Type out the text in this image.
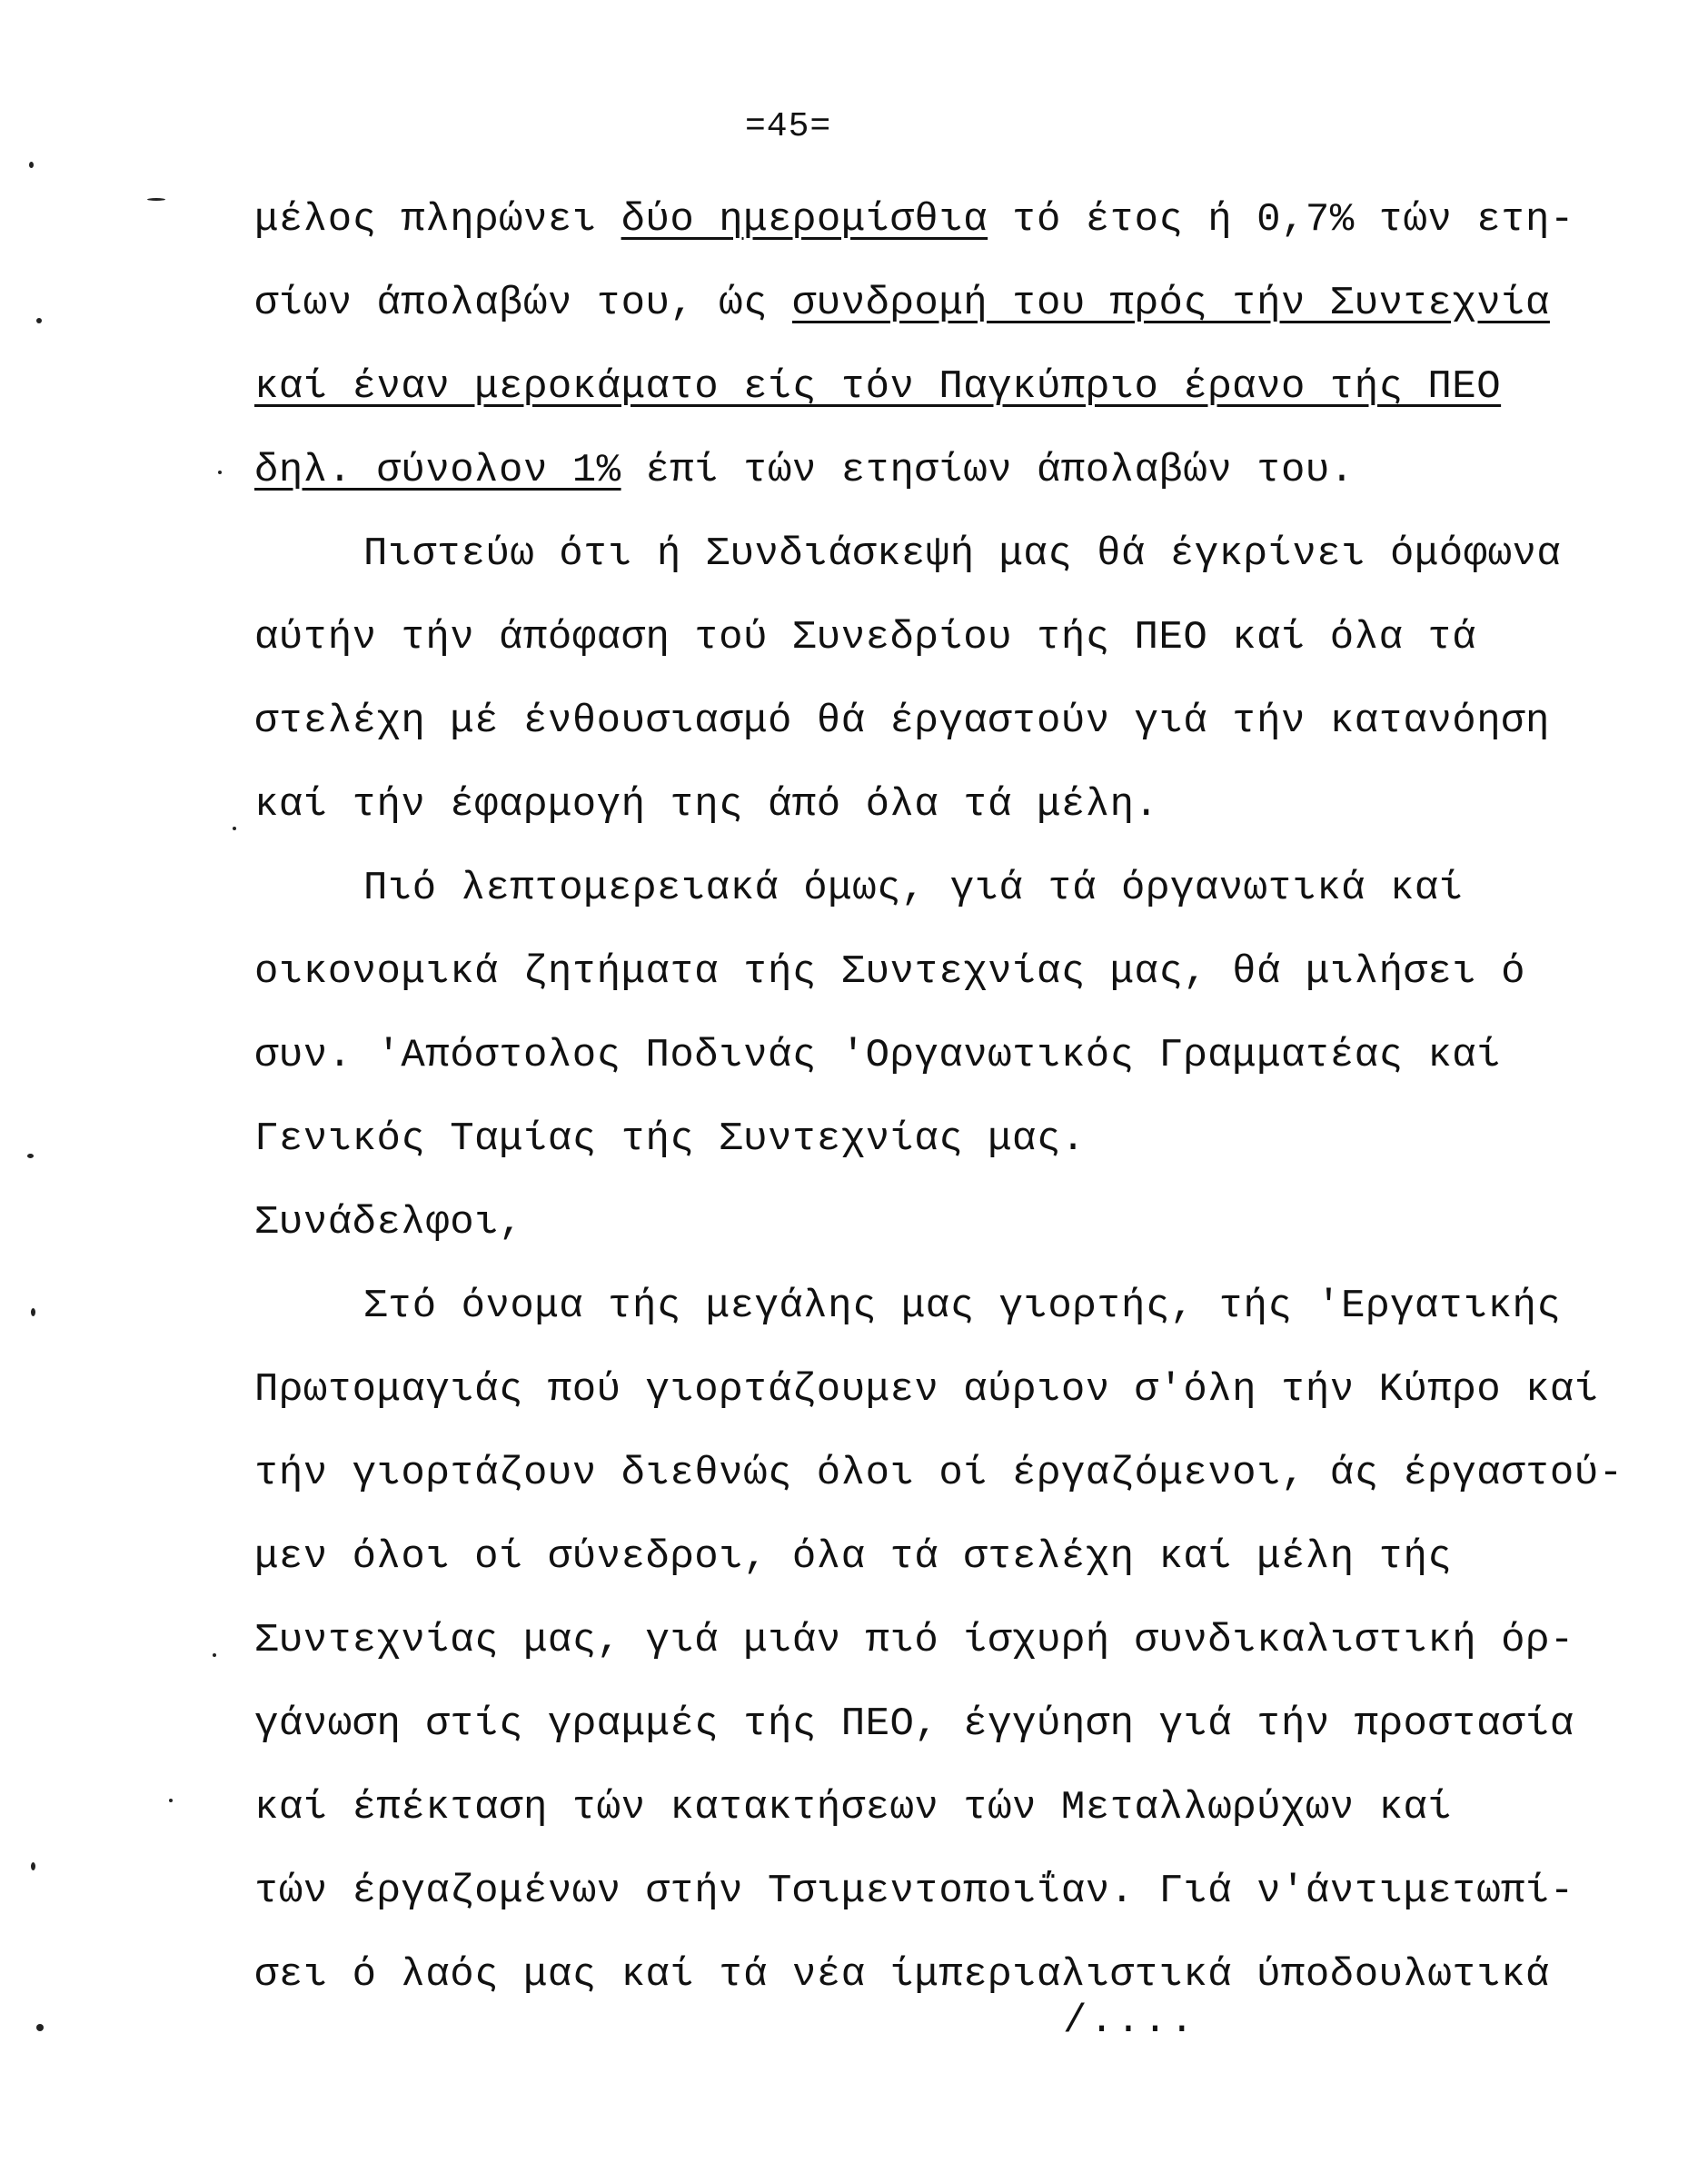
=45=
μέλος πληρώνει δύο ημερομίσθια τό έτος ή 0,7% τών ετη-
σίων άπολαβών του, ώς συνδρομή του πρός τήν Συντεχνία
καί έναν μεροκάματο είς τόν Παγκύπριο έρανο τής ΠΕΟ
δηλ. σύνολον 1% έπί τών ετησίων άπολαβών του.
Πιστεύω ότι ή Συνδιάσκεψή μας θά έγκρίνει όμόφωνα
αύτήν τήν άπόφαση τού Συνεδρίου τής ΠΕΟ καί όλα τά
στελέχη μέ ένθουσιασμό θά έργαστούν γιά τήν κατανόηση
καί τήν έφαρμογή της άπό όλα τά μέλη.
Πιό λεπτομερειακά όμως, γιά τά όργανωτικά καί
οικονομικά ζητήματα τής Συντεχνίας μας, θά μιλήσει ό
συν. 'Απόστολος Ποδινάς 'Οργανωτικός Γραμματέας καί
Γενικός Ταμίας τής Συντεχνίας μας.
Συνάδελφοι,
Στό όνομα τής μεγάλης μας γιορτής, τής 'Εργατικής
Πρωτομαγιάς πού γιορτάζουμεν αύριον σ'όλη τήν Κύπρο καί
τήν γιορτάζουν διεθνώς όλοι οί έργαζόμενοι, άς έργαστού-
μεν όλοι οί σύνεδροι, όλα τά στελέχη καί μέλη τής
Συντεχνίας μας, γιά μιάν πιό ίσχυρή συνδικαλιστική όρ-
γάνωση στίς γραμμές τής ΠΕΟ, έγγύηση γιά τήν προστασία
καί έπέκταση τών κατακτήσεων τών Μεταλλωρύχων καί
τών έργαζομένων στήν Τσιμεντοποιΐαν. Γιά ν'άντιμετωπί-
σει ό λαός μας καί τά νέα ίμπεριαλιστικά ύποδουλωτικά
/....
